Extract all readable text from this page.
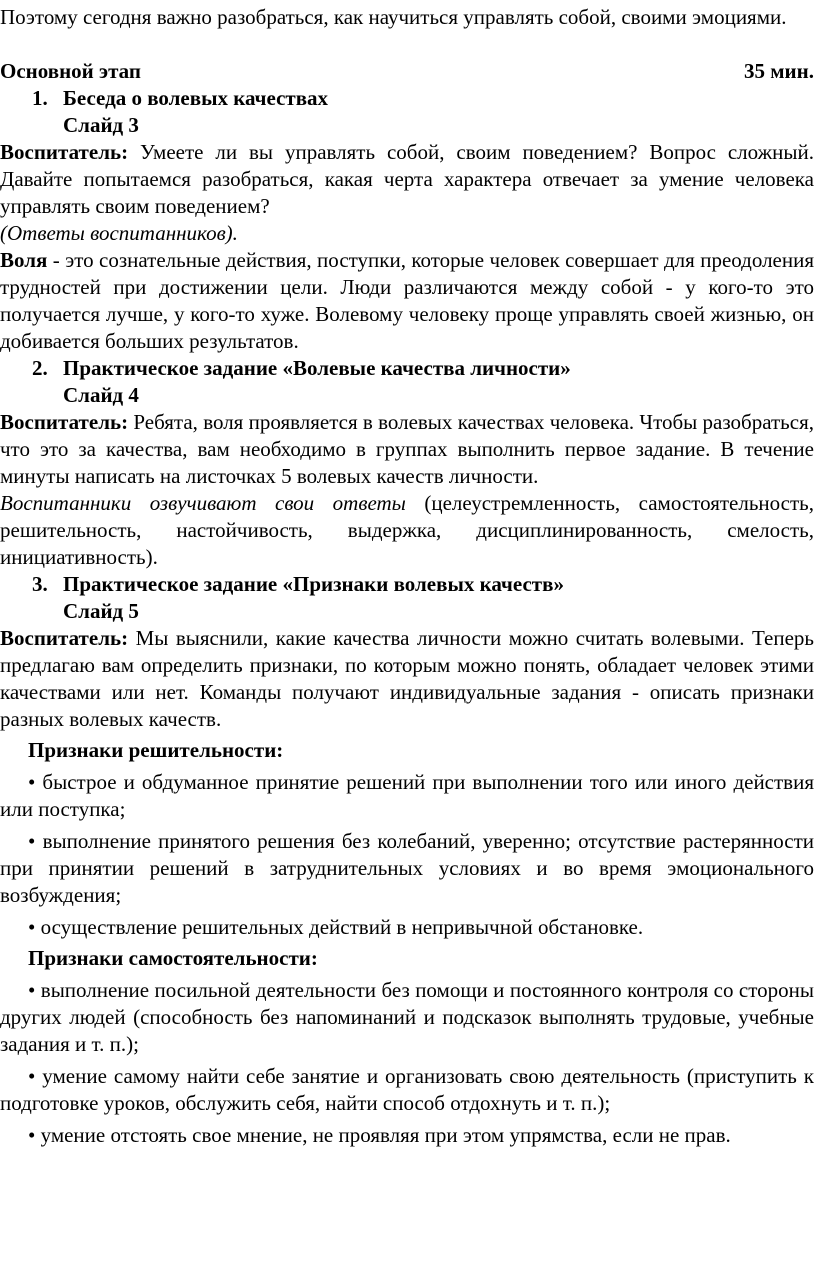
Поэтому сегодня важно разобраться, как научиться управлять собой, своими эмоциями.

Основной этап	35 мин.
1. Беседа о волевых качествах
Слайд 3

Воспитатель: Умеете ли вы управлять собой, своим поведением? Вопрос сложный. Давайте попытаемся разобраться, какая черта характера отвечает за умение человека управлять своим поведением?

(Ответы воспитанников).

Воля - это сознательные действия, поступки, которые человек совершает для преодоления трудностей при достижении цели. Люди различаются между собой - у кого-то это получается лучше, у кого-то хуже. Волевому человеку проще управлять своей жизнью, он добивается больших результатов.

2. Практическое задание «Волевые качества личности»
Слайд 4

Воспитатель: Ребята, воля проявляется в волевых качествах человека. Чтобы разобраться, что это за качества, вам необходимо в группах выполнить первое задание. В течение минуты написать на листочках 5 волевых качеств личности.

Воспитанники озвучивают свои ответы (целеустремленность, самостоятельность, решительность, настойчивость, выдержка, дисциплинированность, смелость, инициативность).

3. Практическое задание «Признаки волевых качеств»
Слайд 5

Воспитатель: Мы выяснили, какие качества личности можно считать волевыми. Теперь предлагаю вам определить признаки, по которым можно понять, обладает человек этими качествами или нет. Команды получают индивидуальные задания - описать признаки разных волевых качеств.

Признаки решительности:

• быстрое и обдуманное принятие решений при выполнении того или иного действия или поступка;

• выполнение принятого решения без колебаний, уверенно; отсутствие растерянности при принятии решений в затруднительных условиях и во время эмоционального возбуждения;

• осуществление решительных действий в непривычной обстановке.

Признаки самостоятельности:

• выполнение посильной деятельности без помощи и постоянного контроля со стороны других людей (способность без напоминаний и подсказок выполнять трудовые, учебные задания и т. п.);

• умение самому найти себе занятие и организовать свою деятельность (приступить к подготовке уроков, обслужить себя, найти способ отдохнуть и т. п.);

• умение отстоять свое мнение, не проявляя при этом упрямства, если не прав.
